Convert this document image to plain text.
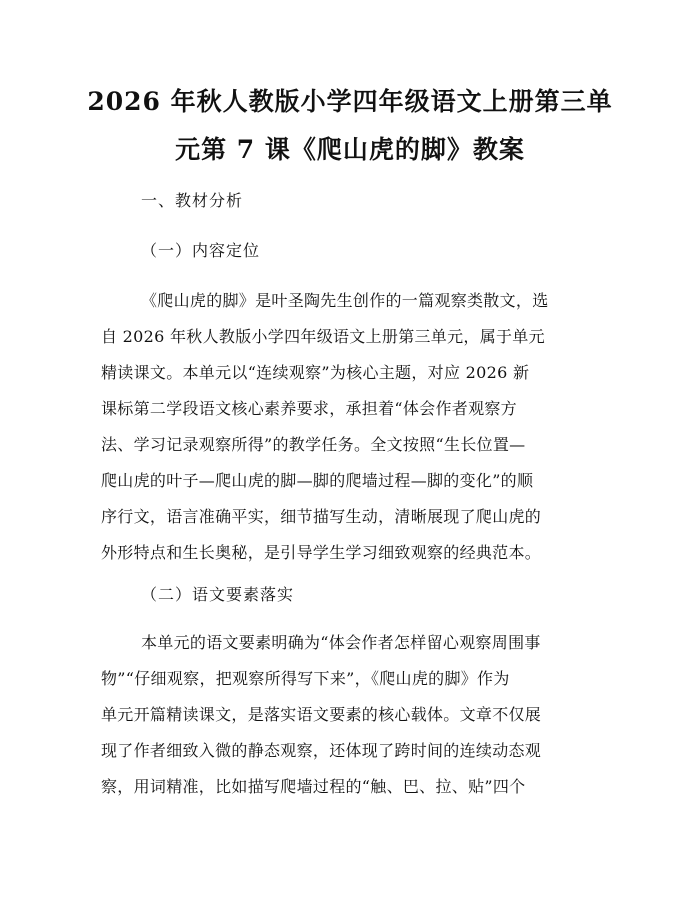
2026 年秋人教版小学四年级语文上册第三单
元第 7 课《爬山虎的脚》教案
一、教材分析
（一）内容定位
《爬山虎的脚》是叶圣陶先生创作的一篇观察类散文，选
自 2026 年秋人教版小学四年级语文上册第三单元，属于单元
精读课文。本单元以“连续观察”为核心主题，对应 2026 新
课标第二学段语文核心素养要求，承担着“体会作者观察方
法、学习记录观察所得”的教学任务。全文按照“生长位置—
爬山虎的叶子—爬山虎的脚—脚的爬墙过程—脚的变化”的顺
序行文，语言准确平实，细节描写生动，清晰展现了爬山虎的
外形特点和生长奥秘，是引导学生学习细致观察的经典范本。
（二）语文要素落实
本单元的语文要素明确为“体会作者怎样留心观察周围事
物”“仔细观察，把观察所得写下来”，《爬山虎的脚》作为
单元开篇精读课文，是落实语文要素的核心载体。文章不仅展
现了作者细致入微的静态观察，还体现了跨时间的连续动态观
察，用词精准，比如描写爬墙过程的“触、巴、拉、贴”四个
